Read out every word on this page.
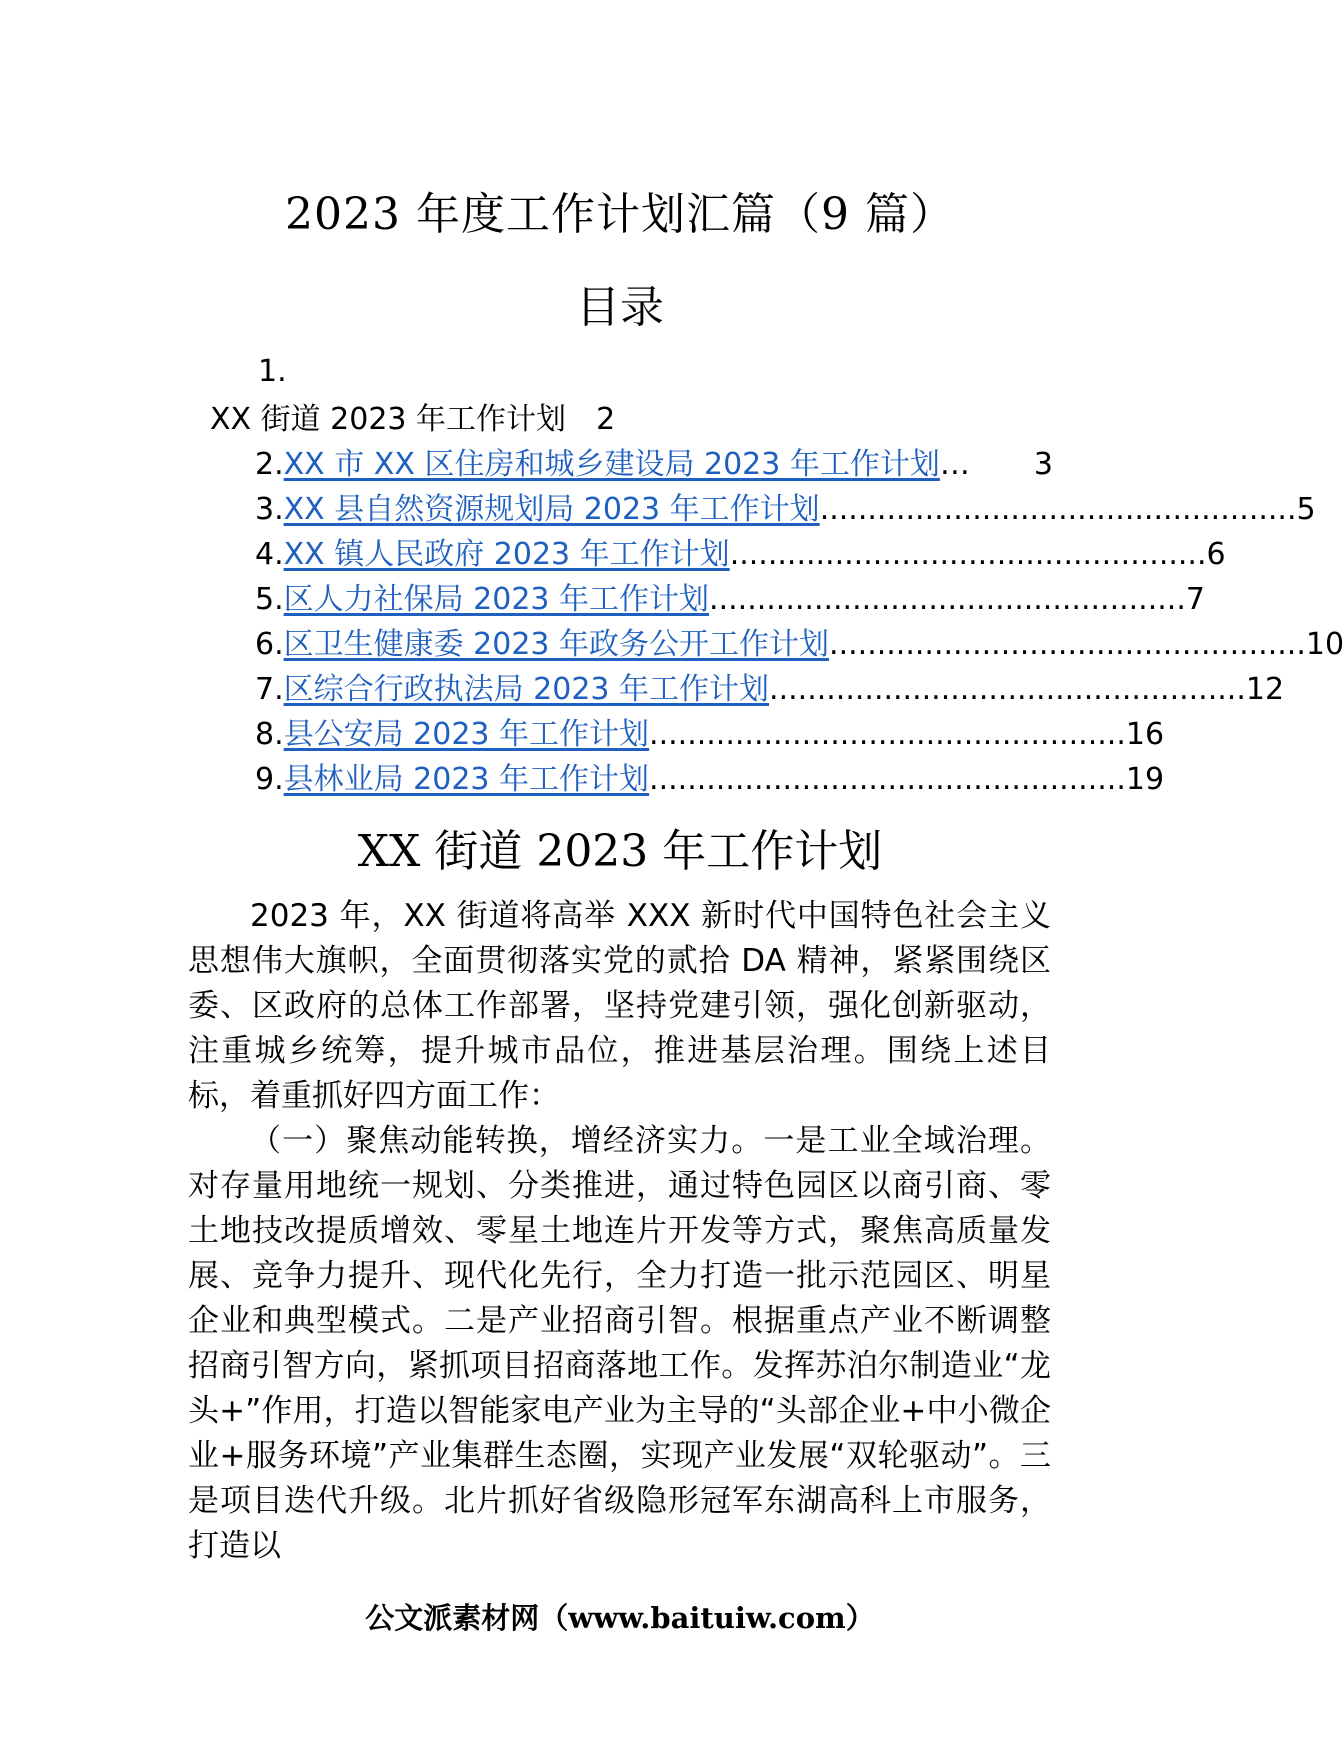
2023 年度工作计划汇篇（9 篇）
目录
1.
XX 街道 2023 年工作计划 2
2. XX 市 XX 区住房和城乡建设局 2023 年工作计划 …	3
3. XX 县自然资源规划局 2023 年工作计划 .................................................. 5
4. XX 镇人民政府 2023 年工作计划 .................................................. 6
5. 区人力社保局 2023 年工作计划 .................................................. 7
6. 区卫生健康委 2023 年政务公开工作计划 .................................................. 10
7. 区综合行政执法局 2023 年工作计划 .................................................. 12
8. 县公安局 2023 年工作计划 .................................................. 16
9. 县林业局 2023 年工作计划 .................................................. 19
XX 街道 2023 年工作计划

2023 年，XX 街道将高举 XXX 新时代中国特色社会主义思想伟大旗帜，全面贯彻落实党的贰拾 DA 精神，紧紧围绕区委、区政府的总体工作部署，坚持党建引领，强化创新驱动，注重城乡统筹，提升城市品位，推进基层治理。围绕上述目标，着重抓好四方面工作：

（一）聚焦动能转换，增经济实力。一是工业全域治理。对存量用地统一规划、分类推进，通过特色园区以商引商、零土地技改提质增效、零星土地连片开发等方式，聚焦高质量发展、竞争力提升、现代化先行，全力打造一批示范园区、明星企业和典型模式。二是产业招商引智。根据重点产业不断调整招商引智方向，紧抓项目招商落地工作。发挥苏泊尔制造业“龙头+”作用，打造以智能家电产业为主导的“头部企业+中小微企业+服务环境”产业集群生态圈，实现产业发展“双轮驱动”。三是项目迭代升级。北片抓好省级隐形冠军东湖高科上市服务，打造以

公文派素材网（www.baituiw.com）
